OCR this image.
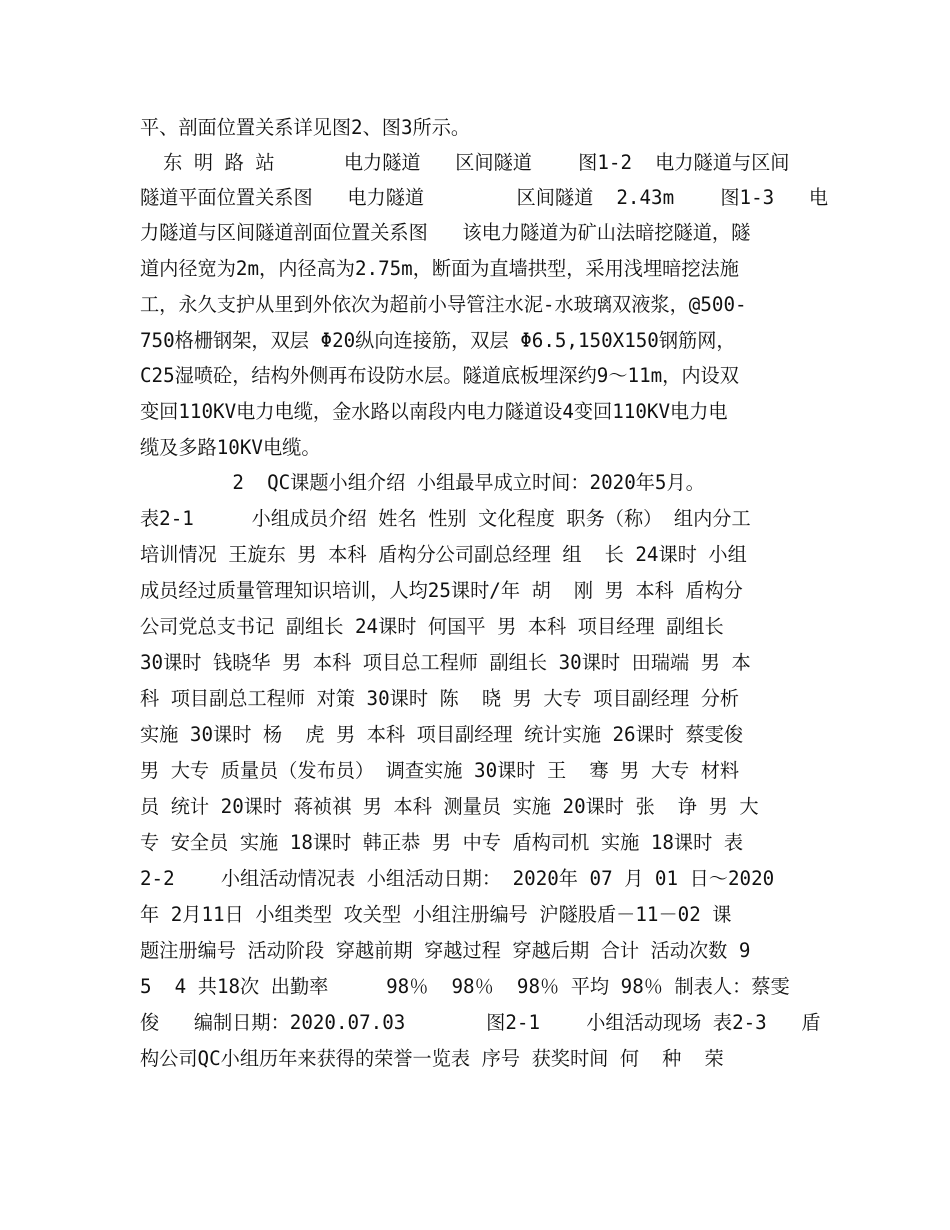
平、剖面位置关系详见图2、图3所示。
东 明 路 站      电力隧道   区间隧道    图1-2  电力隧道与区间
隧道平面位置关系图   电力隧道        区间隧道  2.43m    图1-3   电
力隧道与区间隧道剖面位置关系图   该电力隧道为矿山法暗挖隧道，隧
道内径宽为2m，内径高为2.75m，断面为直墙拱型，采用浅埋暗挖法施
工，永久支护从里到外依次为超前小导管注水泥-水玻璃双液浆，@500-
750格栅钢架，双层 Φ20纵向连接筋，双层 Φ6.5,150X150钢筋网，
C25湿喷砼，结构外侧再布设防水层。隧道底板埋深约9～11m，内设双
变回110KV电力电缆，金水路以南段内电力隧道设4变回110KV电力电
缆及多路10KV电缆。
2  QC课题小组介绍 小组最早成立时间：2020年5月。
表2-1     小组成员介绍 姓名 性别 文化程度 职务（称） 组内分工
培训情况 王旋东 男 本科 盾构分公司副总经理 组  长 24课时 小组
成员经过质量管理知识培训，人均25课时/年 胡  刚 男 本科 盾构分
公司党总支书记 副组长 24课时 何国平 男 本科 项目经理 副组长
30课时 钱晓华 男 本科 项目总工程师 副组长 30课时 田瑞端 男 本
科 项目副总工程师 对策 30课时 陈  晓 男 大专 项目副经理 分析
实施 30课时 杨  虎 男 本科 项目副经理 统计实施 26课时 蔡雯俊
男 大专 质量员（发布员） 调查实施 30课时 王  骞 男 大专 材料
员 统计 20课时 蒋祯祺 男 本科 测量员 实施 20课时 张  诤 男 大
专 安全员 实施 18课时 韩正恭 男 中专 盾构司机 实施 18课时 表
2-2    小组活动情况表 小组活动日期： 2020年 07 月 01 日～2020
年 2月11日 小组类型 攻关型 小组注册编号 沪隧股盾－11－02 课
题注册编号 活动阶段 穿越前期 穿越过程 穿越后期 合计 活动次数 9
5  4 共18次 出勤率     98％  98％  98％ 平均 98％ 制表人：蔡雯
俊   编制日期：2020.07.03       图2-1    小组活动现场 表2-3   盾
构公司QC小组历年来获得的荣誉一览表 序号 获奖时间 何  种  荣
